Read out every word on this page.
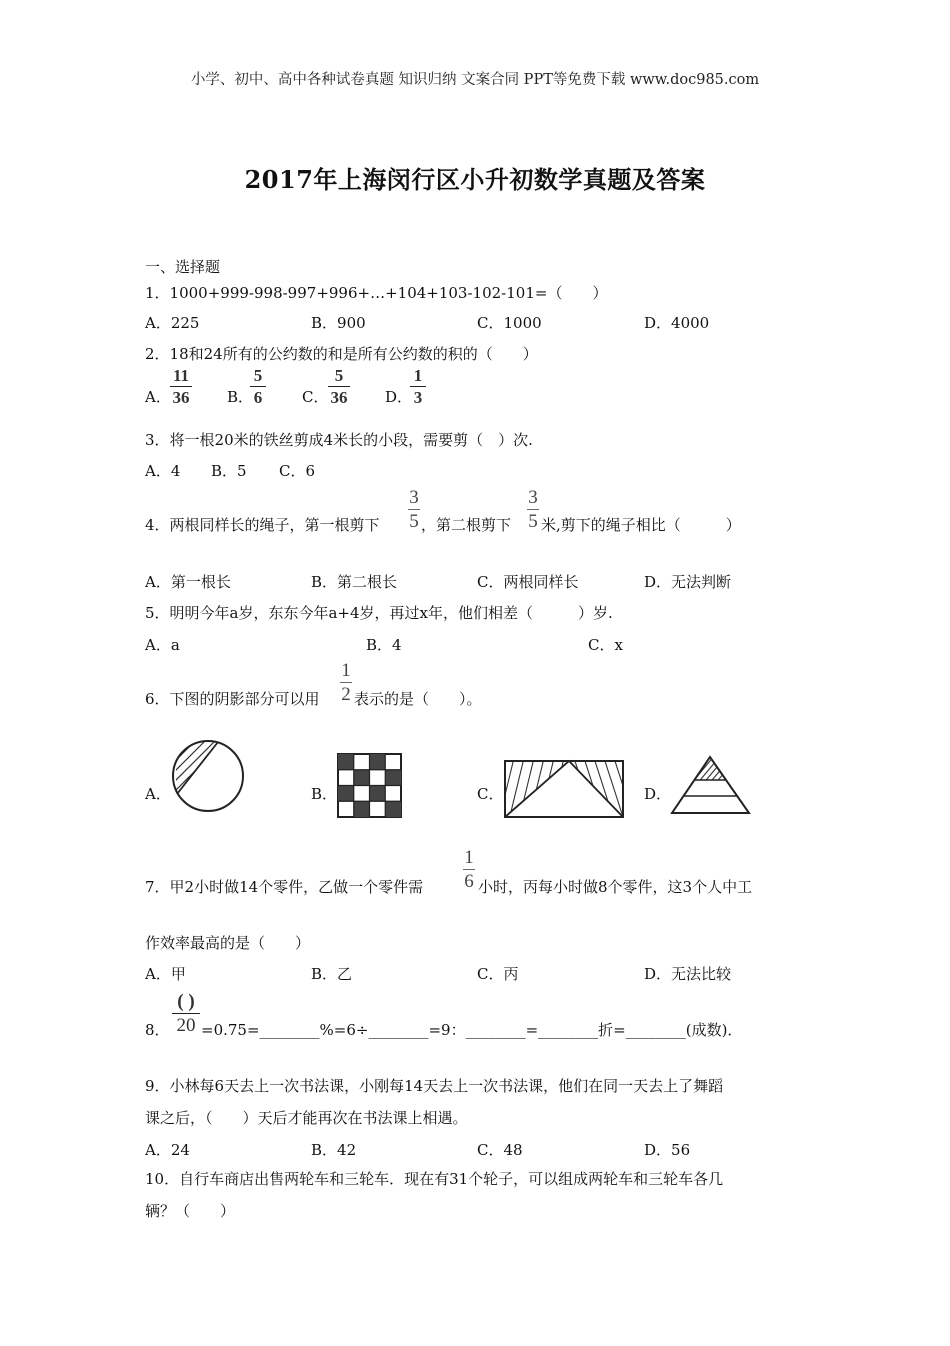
小学、初中、高中各种试卷真题 知识归纳 文案合同 PPT等免费下载 www.doc985.com
2017年上海闵行区小升初数学真题及答案
一、选择题
1．1000+999-998-997+996+…+104+103-102-101=（　　）
A．225	B．900	C．1000	D．4000
2．18和24所有的公约数的和是所有公约数的积的（　　）
A．
11
36	B．
5
6	C．
5
36	D．
1
3
3．将一根20米的铁丝剪成4米长的小段，需要剪（　）次.
A．4 B．5 C．6
4．两根同样长的绳子，第一根剪下
3
5 ，第二根剪下
3
5 米,剪下的绳子相比（　　　）
A．第一根长	B．第二根长	C．两根同样长	D．无法判断
5．明明今年a岁，东东今年a+4岁，再过x年，他们相差（　　　）岁.
A．a	B．4	C．x
6．下图的阴影部分可以用
1
2 表示的是（　　）。
A．	B．	C．	D．
7．甲2小时做14个零件，乙做一个零件需
1
6 小时，丙每小时做8个零件，这3个人中工
作效率最高的是（　　）
A．甲	B．乙	C．丙	D．无法比较
8．
( )
20 =0.75=________%=6÷________=9：________=________折=________(成数)．
9．小林每6天去上一次书法课，小刚每14天去上一次书法课，他们在同一天去上了舞蹈
课之后，（　　）天后才能再次在书法课上相遇。
A．24	B．42	C．48	D．56
10．自行车商店出售两轮车和三轮车．现在有31个轮子，可以组成两轮车和三轮车各几
辆？（　　）
